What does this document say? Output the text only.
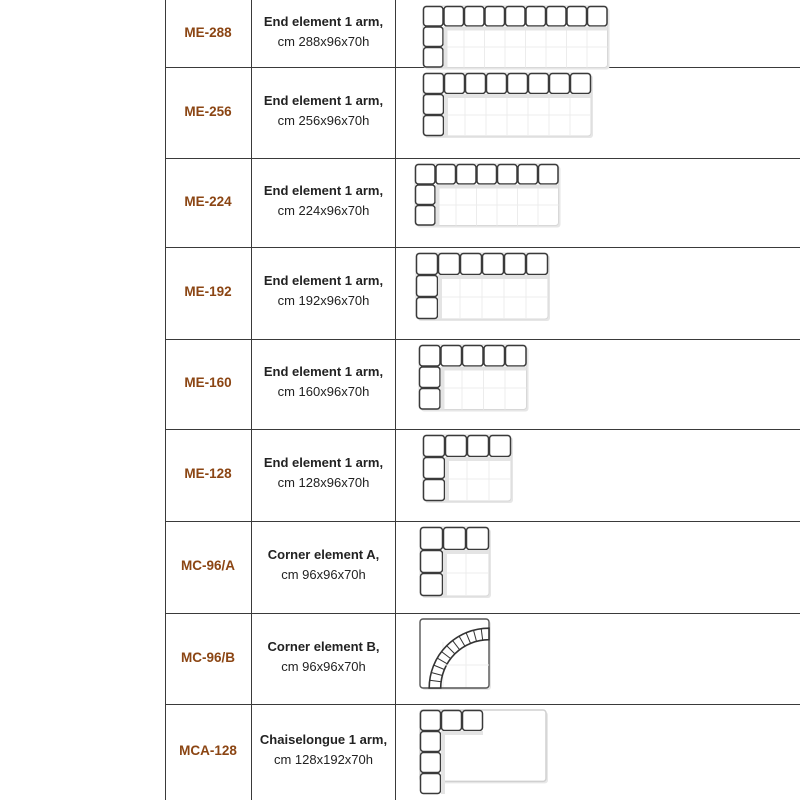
ME-288
End element 1 arm,
cm 288x96x70h
ME-256
End element 1 arm,
cm 256x96x70h
ME-224
End element 1 arm,
cm 224x96x70h
ME-192
End element 1 arm,
cm 192x96x70h
ME-160
End element 1 arm,
cm 160x96x70h
ME-128
End element 1 arm,
cm 128x96x70h
MC-96/A
Corner element A,
cm 96x96x70h
MC-96/B
Corner element B,
cm 96x96x70h
MCA-128
Chaiselongue 1 arm,
cm 128x192x70h
